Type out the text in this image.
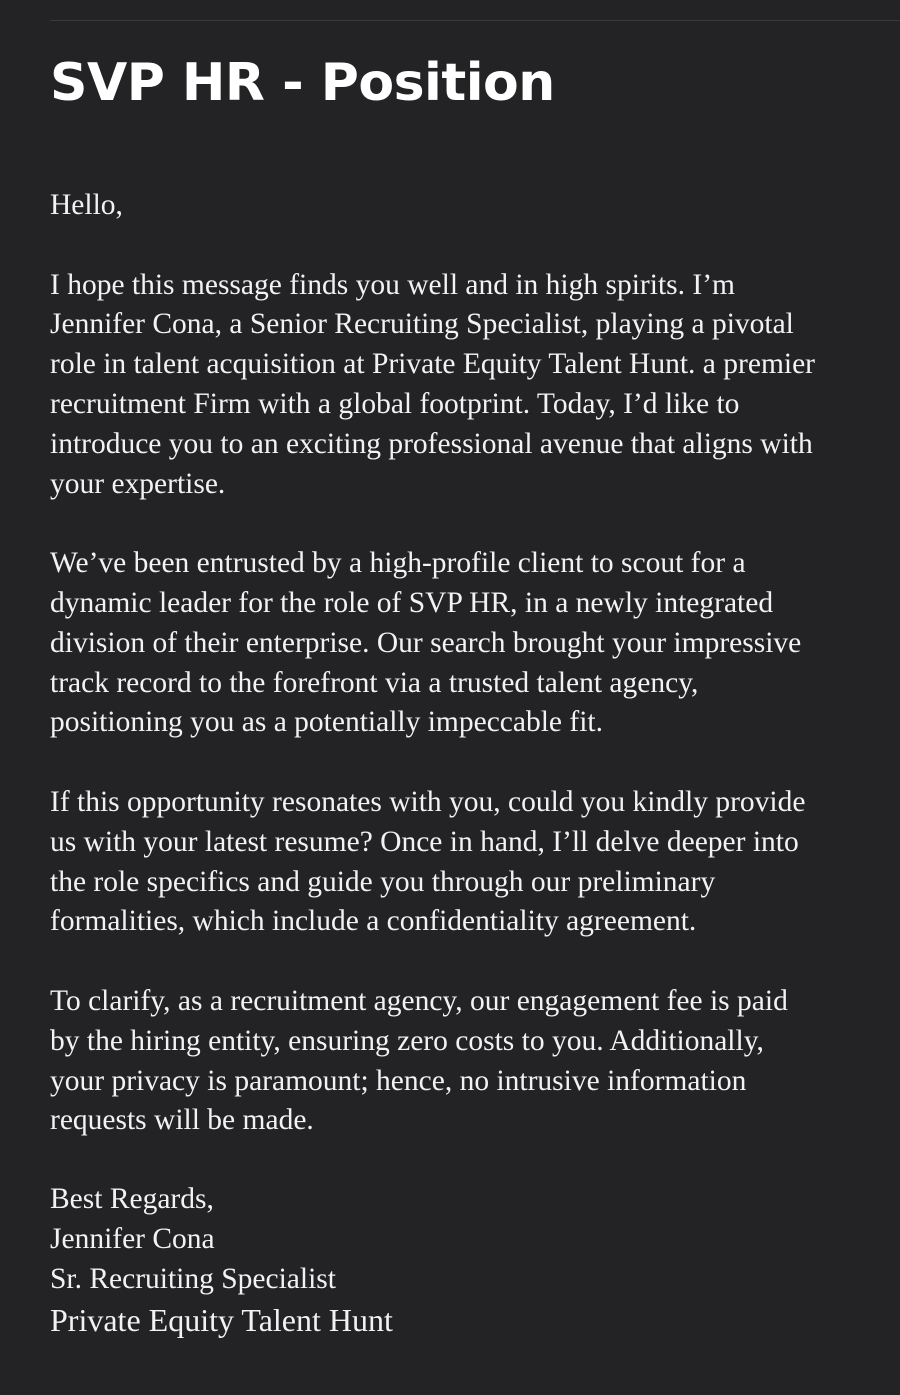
SVP HR - Position

Hello,

I hope this message finds you well and in high spirits. I’m
Jennifer Cona, a Senior Recruiting Specialist, playing a pivotal
role in talent acquisition at Private Equity Talent Hunt. a premier
recruitment Firm with a global footprint. Today, I’d like to
introduce you to an exciting professional avenue that aligns with
your expertise.

We’ve been entrusted by a high-profile client to scout for a
dynamic leader for the role of SVP HR, in a newly integrated
division of their enterprise. Our search brought your impressive
track record to the forefront via a trusted talent agency,
positioning you as a potentially impeccable fit.

If this opportunity resonates with you, could you kindly provide
us with your latest resume? Once in hand, I’ll delve deeper into
the role specifics and guide you through our preliminary
formalities, which include a confidentiality agreement.

To clarify, as a recruitment agency, our engagement fee is paid
by the hiring entity, ensuring zero costs to you. Additionally,
your privacy is paramount; hence, no intrusive information
requests will be made.

Best Regards,
Jennifer Cona
Sr. Recruiting Specialist
Private Equity Talent Hunt
